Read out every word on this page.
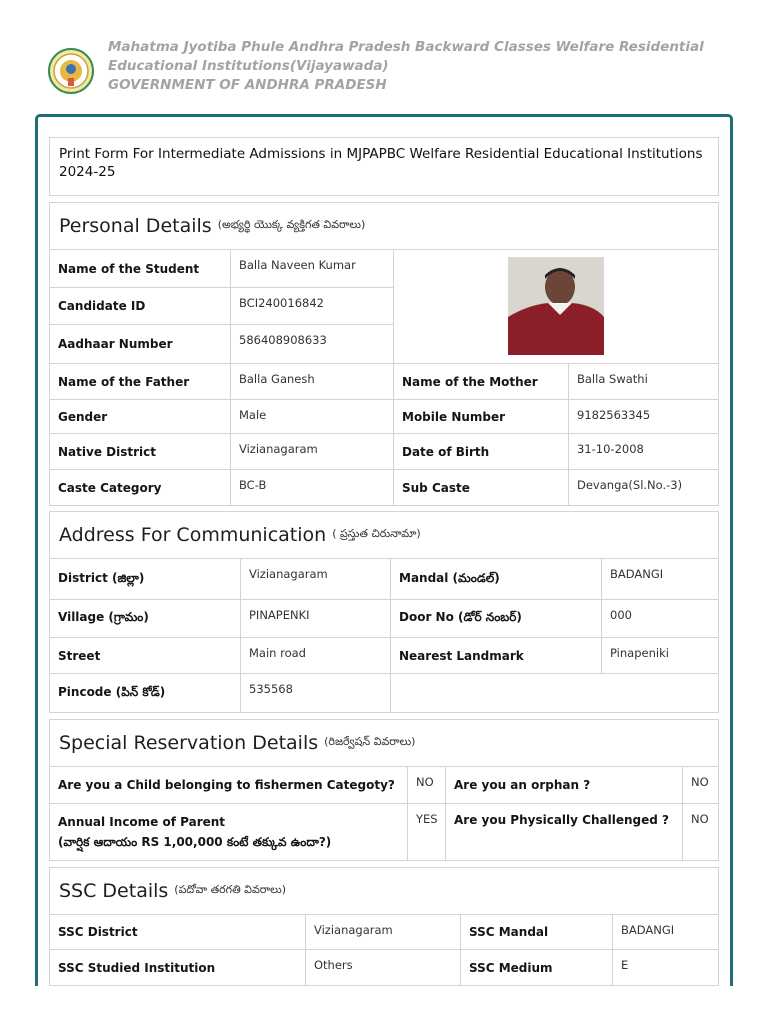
Mahatma Jyotiba Phule Andhra Pradesh Backward Classes Welfare Residential
Educational Institutions(Vijayawada)
GOVERNMENT OF ANDHRA PRADESH
Print Form For Intermediate Admissions in MJPAPBC Welfare Residential Educational Institutions 2024-25
Personal Details (అభ్యర్థి యొక్క వ్యక్తిగత వివరాలు)
Name of the Student	Balla Naveen Kumar
Candidate ID	BCI240016842
Aadhaar Number	586408908633
Name of the Father	Balla Ganesh	Name of the Mother	Balla Swathi
Gender	Male	Mobile Number	9182563345
Native District	Vizianagaram	Date of Birth	31-10-2008
Caste Category	BC-B	Sub Caste	Devanga(Sl.No.-3)
Address For Communication ( ప్రస్తుత చిరునామా)
District (జిల్లా)	Vizianagaram	Mandal (మండల్)	BADANGI
Village (గ్రామం)	PINAPENKI	Door No (డోర్ నంబర్)	000
Street	Main road	Nearest Landmark	Pinapeniki
Pincode (పిన్ కోడ్)	535568
Special Reservation Details (రిజర్వేషన్ వివరాలు)
Are you a Child belonging to fishermen Categoty?	NO	Are you an orphan ?	NO
Annual Income of Parent
(వార్షిక ఆదాయం RS 1,00,000 కంటే తక్కువ ఉందా?)
YES	Are you Physically Challenged ?	NO
SSC Details (పదోవా తరగతి వివరాలు)
SSC District	Vizianagaram	SSC Mandal	BADANGI
SSC Studied Institution	Others	SSC Medium	E
